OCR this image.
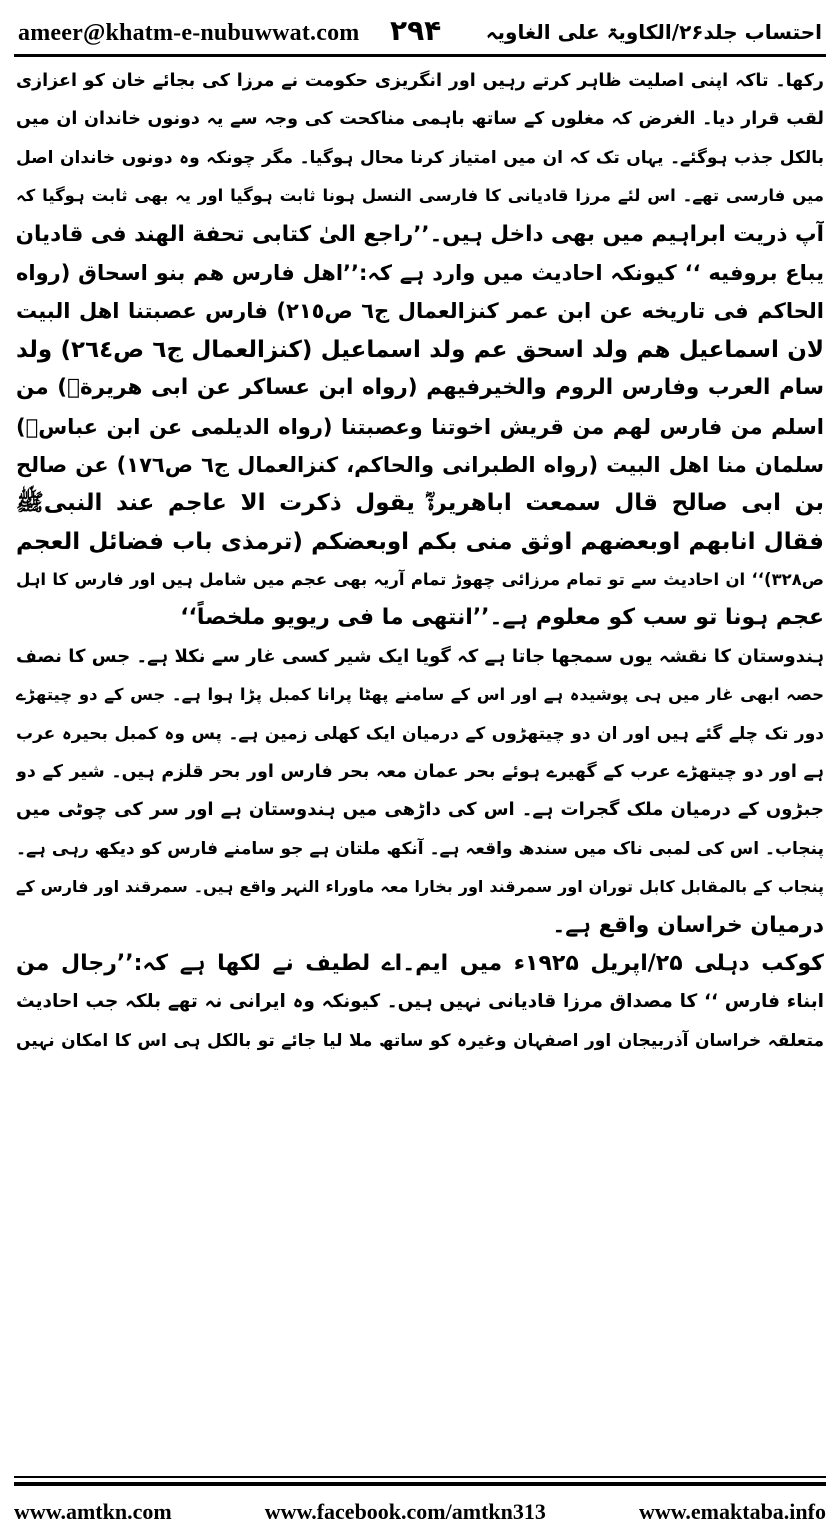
ameer@khatm-e-nubuwwat.com ۲۹۴ احتساب جلد۲۶/الکاویۃ علی الغاویہ
رکھا۔ تاکہ اپنی اصلیت ظاہر کرتے رہیں اور انگریزی حکومت نے مرزا کی بجائے خان کو اعزازی
لقب قرار دیا۔ الغرض کہ مغلوں کے ساتھ باہمی مناکحت کی وجہ سے یہ دونوں خاندان ان میں
بالکل جذب ہوگئے۔ یہاں تک کہ ان میں امتیاز کرنا محال ہوگیا۔ مگر چونکہ وہ دونوں خاندان اصل
میں فارسی تھے۔ اس لئے مرزا قادیانی کا فارسی النسل ہونا ثابت ہوگیا اور یہ بھی ثابت ہوگیا کہ
آپ ذریت ابراہیم میں بھی داخل ہیں۔’’راجع الیٰ کتابی تحفة الهند فی قادیان
یباع بروفیه ‘‘ کیونکہ احادیث میں وارد ہے کہ:’’اهل فارس هم بنو اسحاق (رواه
الحاکم فی تاریخه عن ابن عمر کنزالعمال ج٦ ص٢١٥) فارس عصبتنا اهل البیت
لان اسماعیل هم ولد اسحق عم ولد اسماعیل (کنزالعمال ج٦ ص٢٦٤) ولد
سام العرب وفارس الروم والخیرفیهم (رواه ابن عساکر عن ابی هریرةؓ) من
اسلم من فارس لهم من قریش اخوتنا وعصبتنا (رواه الدیلمی عن ابن عباسؓ)
سلمان منا اهل البیت (رواه الطبرانی والحاکم، کنزالعمال ج٦ ص١٧٦) عن صالح
بن ابی صالح قال سمعت اباهریرةؓ یقول ذکرت الا عاجم عند النبیﷺ
فقال انابهم اوبعضهم اوثق منی بکم اوبعضکم (ترمذی باب فضائل العجم
ص٣٢٨)‘‘ ان احادیث سے تو تمام مرزائی چھوڑ تمام آریہ بھی عجم میں شامل ہیں اور فارس کا اہل
عجم ہونا تو سب کو معلوم ہے۔’’انتهی ما فی ریویو ملخصاً‘‘
ہندوستان کا نقشہ یوں سمجھا جاتا ہے کہ گویا ایک شیر کسی غار سے نکلا ہے۔ جس کا نصف
حصہ ابھی غار میں ہی پوشیدہ ہے اور اس کے سامنے پھٹا پرانا کمبل پڑا ہوا ہے۔ جس کے دو چیتھڑے
دور تک چلے گئے ہیں اور ان دو چیتھڑوں کے درمیان ایک کھلی زمین ہے۔ پس وہ کمبل بحیرہ عرب
ہے اور دو چیتھڑے عرب کے گھیرے ہوئے بحر عمان معہ بحر فارس اور بحر قلزم ہیں۔ شیر کے دو
جبڑوں کے درمیان ملک گجرات ہے۔ اس کی داڑھی میں ہندوستان ہے اور سر کی چوٹی میں
پنجاب۔ اس کی لمبی ناک میں سندھ واقعہ ہے۔ آنکھ ملتان ہے جو سامنے فارس کو دیکھ رہی ہے۔
پنجاب کے بالمقابل کابل توران اور سمرقند اور بخارا معہ ماوراء النہر واقع ہیں۔ سمرقند اور فارس کے
درمیان خراسان واقع ہے۔
کوکب دہلی ۲۵/اپریل ۱۹۲۵ء میں ایم۔اے لطیف نے لکھا ہے کہ:’’رجال من
ابناء فارس ‘‘ کا مصداق مرزا قادیانی نہیں ہیں۔ کیونکہ وہ ایرانی نہ تھے بلکہ جب احادیث
متعلقہ خراسان آذربیجان اور اصفہان وغیرہ کو ساتھ ملا لیا جائے تو بالکل ہی اس کا امکان نہیں
www.amtkn.com	www.facebook.com/amtkn313	www.emaktaba.info
